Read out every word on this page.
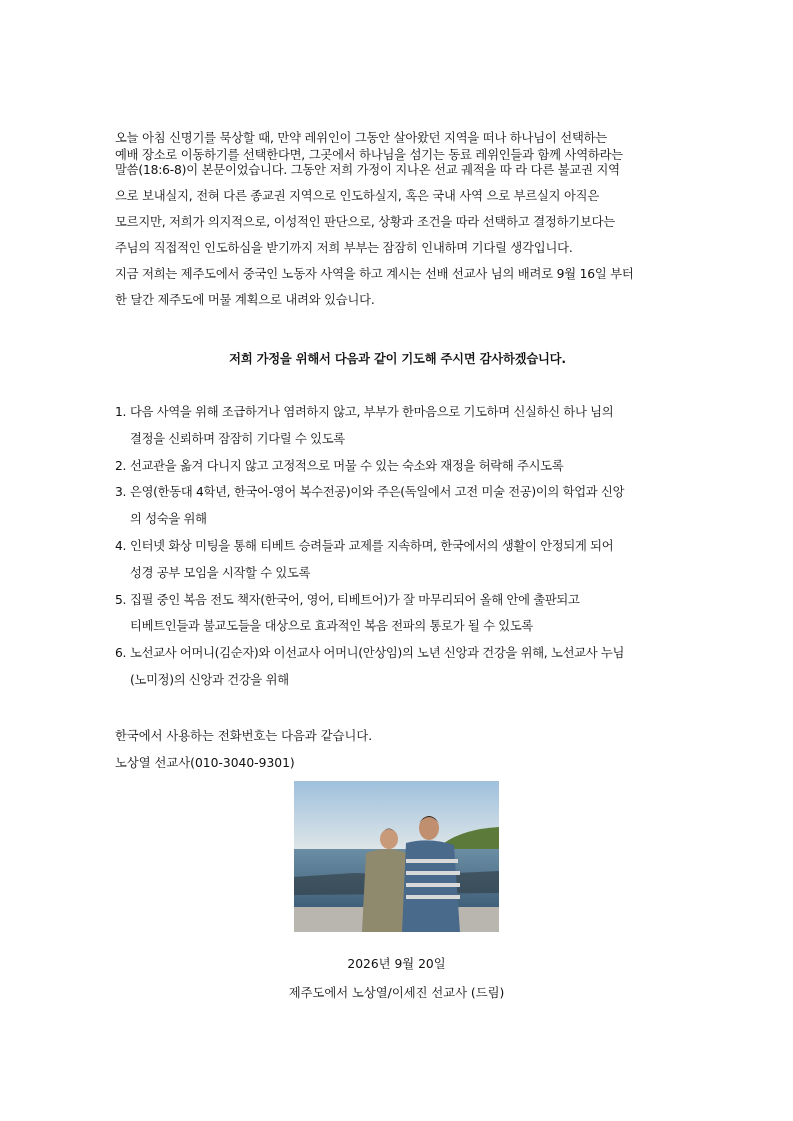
오늘 아침 신명기를 묵상할 때, 만약 레위인이 그동안 살아왔던 지역을 떠나 하나님이 선택하는
예배 장소로 이동하기를 선택한다면, 그곳에서 하나님을 섬기는 동료 레위인들과 함께 사역하라는
말씀(18:6-8)이 본문이었습니다. 그동안 저희 가정이 지나온 선교 궤적을 따 라 다른 불교권 지역
으로 보내실지, 전혀 다른 종교권 지역으로 인도하실지, 혹은 국내 사역 으로 부르실지 아직은
모르지만, 저희가 의지적으로, 이성적인 판단으로, 상황과 조건을 따라 선택하고 결정하기보다는
주님의 직접적인 인도하심을 받기까지 저희 부부는 잠잠히 인내하며 기다릴 생각입니다.
지금 저희는 제주도에서 중국인 노동자 사역을 하고 계시는 선배 선교사 님의 배려로 9월 16일 부터
한 달간 제주도에 머물 계획으로 내려와 있습니다.
저희 가정을 위해서 다음과 같이 기도해 주시면 감사하겠습니다.
1. 다음 사역을 위해 조급하거나 염려하지 않고, 부부가 한마음으로 기도하며 신실하신 하나 님의
결정을 신뢰하며 잠잠히 기다릴 수 있도록
2. 선교관을 옮겨 다니지 않고 고정적으로 머물 수 있는 숙소와 재정을 허락해 주시도록
3. 은영(한동대 4학년, 한국어-영어 복수전공)이와 주은(독일에서 고전 미술 전공)이의 학업과 신앙
의 성숙을 위해
4. 인터넷 화상 미팅을 통해 티베트 승려들과 교제를 지속하며, 한국에서의 생활이 안정되게 되어
성경 공부 모임을 시작할 수 있도록
5. 집필 중인 복음 전도 책자(한국어, 영어, 티베트어)가 잘 마무리되어 올해 안에 출판되고
티베트인들과 불교도들을 대상으로 효과적인 복음 전파의 통로가 될 수 있도록
6. 노선교사 어머니(김순자)와 이선교사 어머니(안상임)의 노년 신앙과 건강을 위해, 노선교사 누님
(노미정)의 신앙과 건강을 위해
한국에서 사용하는 전화번호는 다음과 같습니다.
노상열 선교사(010-3040-9301)
2026년 9월 20일
제주도에서 노상열/이세진 선교사 (드림)
